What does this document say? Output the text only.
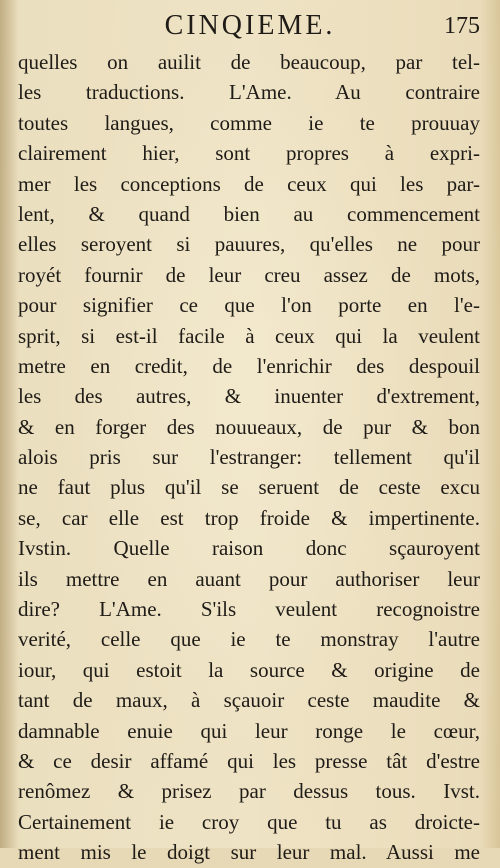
CINQIEME.	175
quelles on auilit de beaucoup, par tel-
les traductions. L'Ame. Au contraire
toutes langues, comme ie te prouuay
clairement hier, sont propres à expri-
mer les conceptions de ceux qui les par-
lent, & quand bien au commencement
elles seroyent si pauures, qu'elles ne pour
royét fournir de leur creu assez de mots,
pour signifier ce que l'on porte en l'e-
sprit, si est-il facile à ceux qui la veulent
metre en credit, de l'enrichir des despouil
les des autres, & inuenter d'extrement,
& en forger des nouueaux, de pur & bon
alois pris sur l'estranger: tellement qu'il
ne faut plus qu'il se seruent de ceste excu
se, car elle est trop froide & impertinente.
Ivstin. Quelle raison donc sçauroyent
ils mettre en auant pour authoriser leur
dire? L'Ame. S'ils veulent recognoistre
verité, celle que ie te monstray l'autre
iour, qui estoit la source & origine de
tant de maux, à sçauoir ceste maudite &
damnable enuie qui leur ronge le cœur,
& ce desir affamé qui les presse tât d'estre
renômez & prisez par dessus tous. Ivst.
Certainement ie croy que tu as droicte-
ment mis le doigt sur leur mal. Aussi me
